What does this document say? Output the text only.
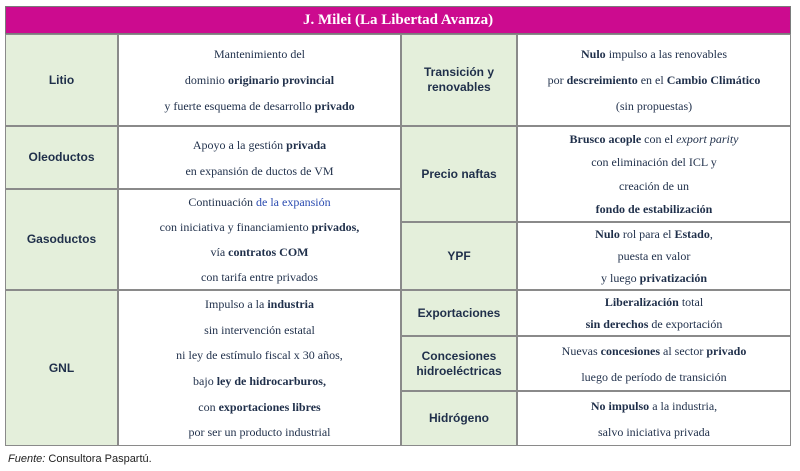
J. Milei (La Libertad Avanza)
Litio
Mantenimiento del
dominio originario provincial
y fuerte esquema de desarrollo privado
Oleoductos
Apoyo a la gestión privada
en expansión de ductos de VM
Gasoductos
Continuación de la expansión
con iniciativa y financiamiento privados,
vía contratos COM
con tarifa entre privados
GNL
Impulso a la industria
sin intervención estatal
ni ley de estímulo fiscal x 30 años,
bajo ley de hidrocarburos,
con exportaciones libres
por ser un producto industrial
Transición y renovables
Nulo impulso a las renovables
por descreimiento en el Cambio Climático
(sin propuestas)
Precio naftas
Brusco acople con el export parity
con eliminación del ICL y
creación de un
fondo de estabilización
YPF
Nulo rol para el Estado,
puesta en valor
y luego privatización
Exportaciones
Liberalización total
sin derechos de exportación
Concesiones hidroeléctricas
Nuevas concesiones al sector privado
luego de período de transición
Hidrógeno
No impulso a la industria,
salvo iniciativa privada
Fuente: Consultora Paspartú.
